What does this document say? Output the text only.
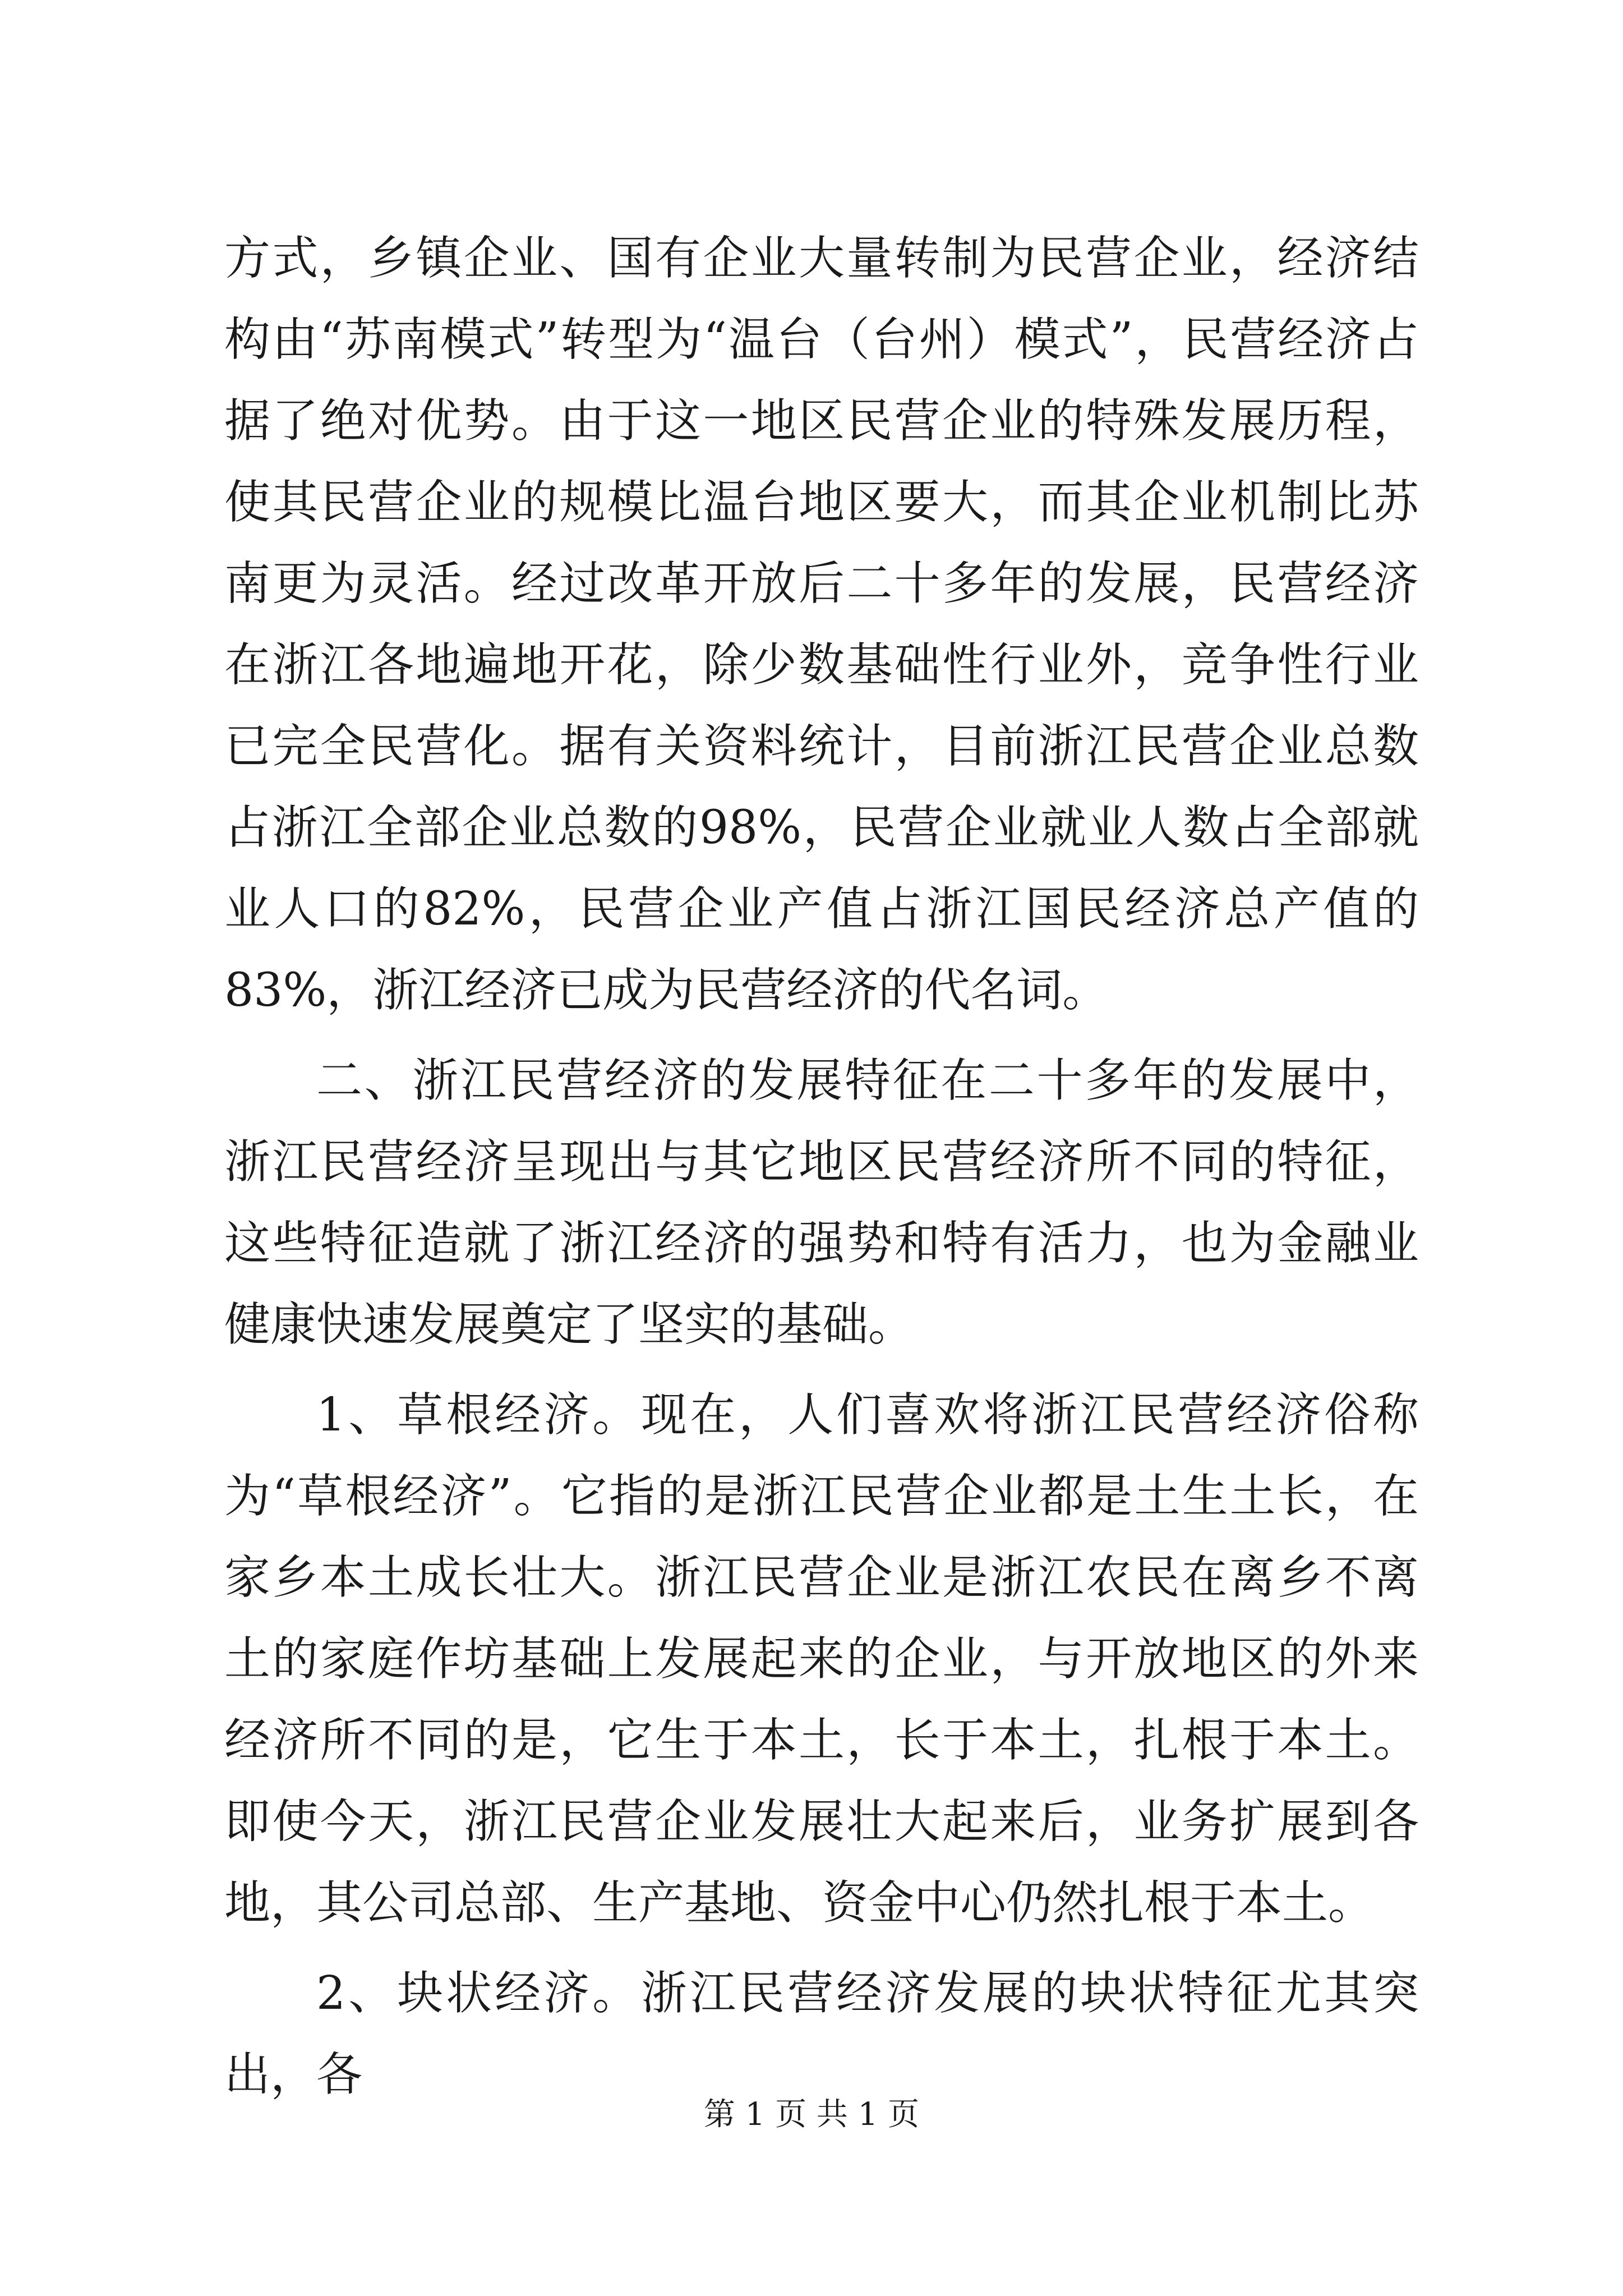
方式，乡镇企业、国有企业大量转制为民营企业，经济结构由“苏南模式”转型为“温台（台州）模式”，民营经济占据了绝对优势。由于这一地区民营企业的特殊发展历程，使其民营企业的规模比温台地区要大，而其企业机制比苏南更为灵活。经过改革开放后二十多年的发展，民营经济在浙江各地遍地开花，除少数基础性行业外，竞争性行业已完全民营化。据有关资料统计，目前浙江民营企业总数占浙江全部企业总数的98%，民营企业就业人数占全部就业人口的82%，民营企业产值占浙江国民经济总产值的83%，浙江经济已成为民营经济的代名词。

二、浙江民营经济的发展特征在二十多年的发展中，浙江民营经济呈现出与其它地区民营经济所不同的特征，这些特征造就了浙江经济的强势和特有活力，也为金融业健康快速发展奠定了坚实的基础。

1、草根经济。现在，人们喜欢将浙江民营经济俗称为“草根经济”。它指的是浙江民营企业都是土生土长，在家乡本土成长壮大。浙江民营企业是浙江农民在离乡不离土的家庭作坊基础上发展起来的企业，与开放地区的外来经济所不同的是，它生于本土，长于本土，扎根于本土。即使今天，浙江民营企业发展壮大起来后，业务扩展到各地，其公司总部、生产基地、资金中心仍然扎根于本土。

2、块状经济。浙江民营经济发展的块状特征尤其突出，各

第 1 页 共 1 页
